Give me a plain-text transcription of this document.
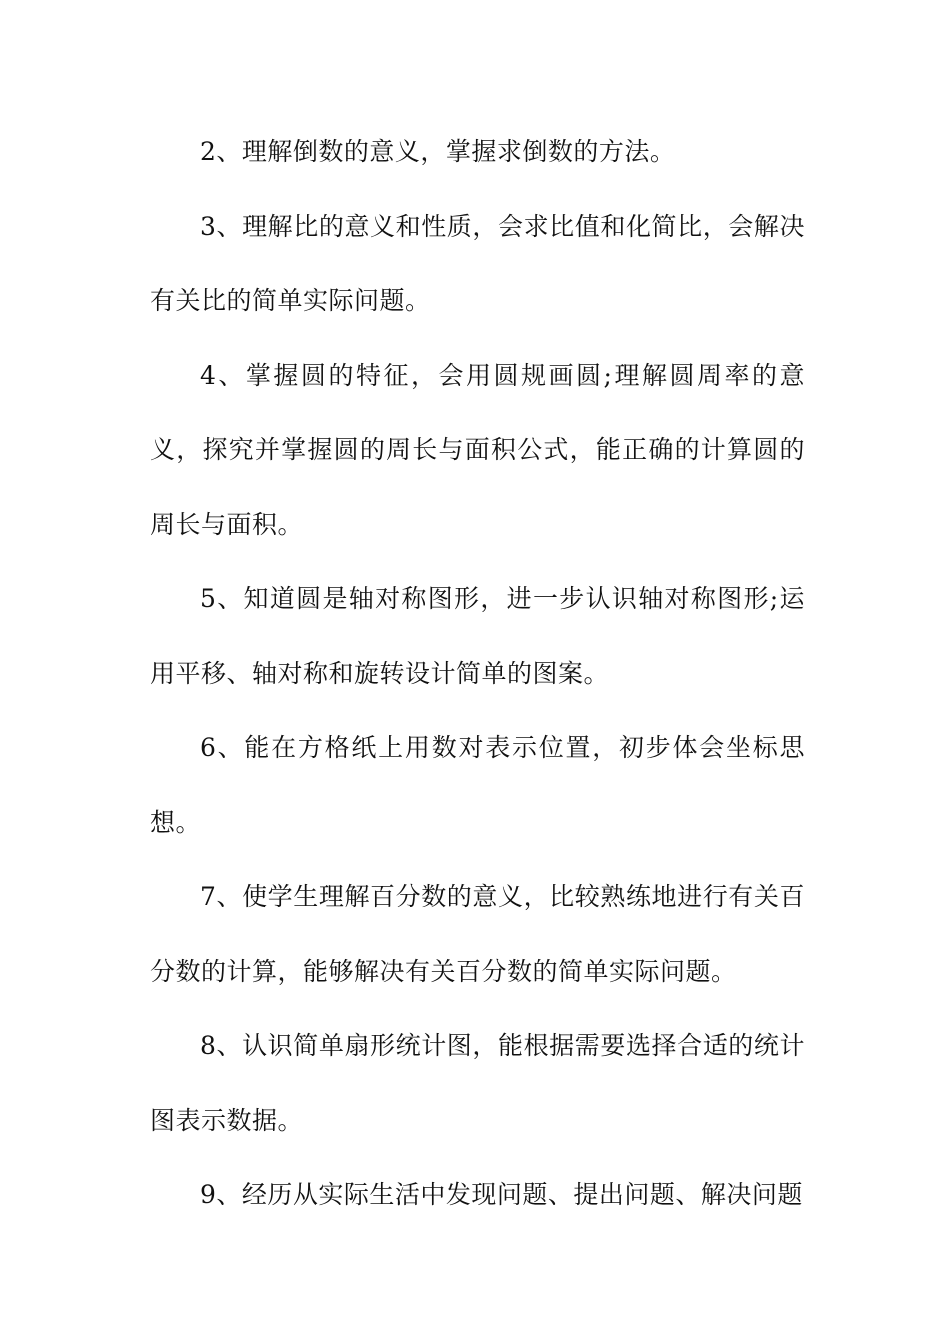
2、理解倒数的意义，掌握求倒数的方法。

3、理解比的意义和性质，会求比值和化简比，会解决有关比的简单实际问题。

4、掌握圆的特征，会用圆规画圆;理解圆周率的意义，探究并掌握圆的周长与面积公式，能正确的计算圆的周长与面积。

5、知道圆是轴对称图形，进一步认识轴对称图形;运用平移、轴对称和旋转设计简单的图案。

6、能在方格纸上用数对表示位置，初步体会坐标思想。

7、使学生理解百分数的意义，比较熟练地进行有关百分数的计算，能够解决有关百分数的简单实际问题。

8、认识简单扇形统计图，能根据需要选择合适的统计图表示数据。

9、经历从实际生活中发现问题、提出问题、解决问题
